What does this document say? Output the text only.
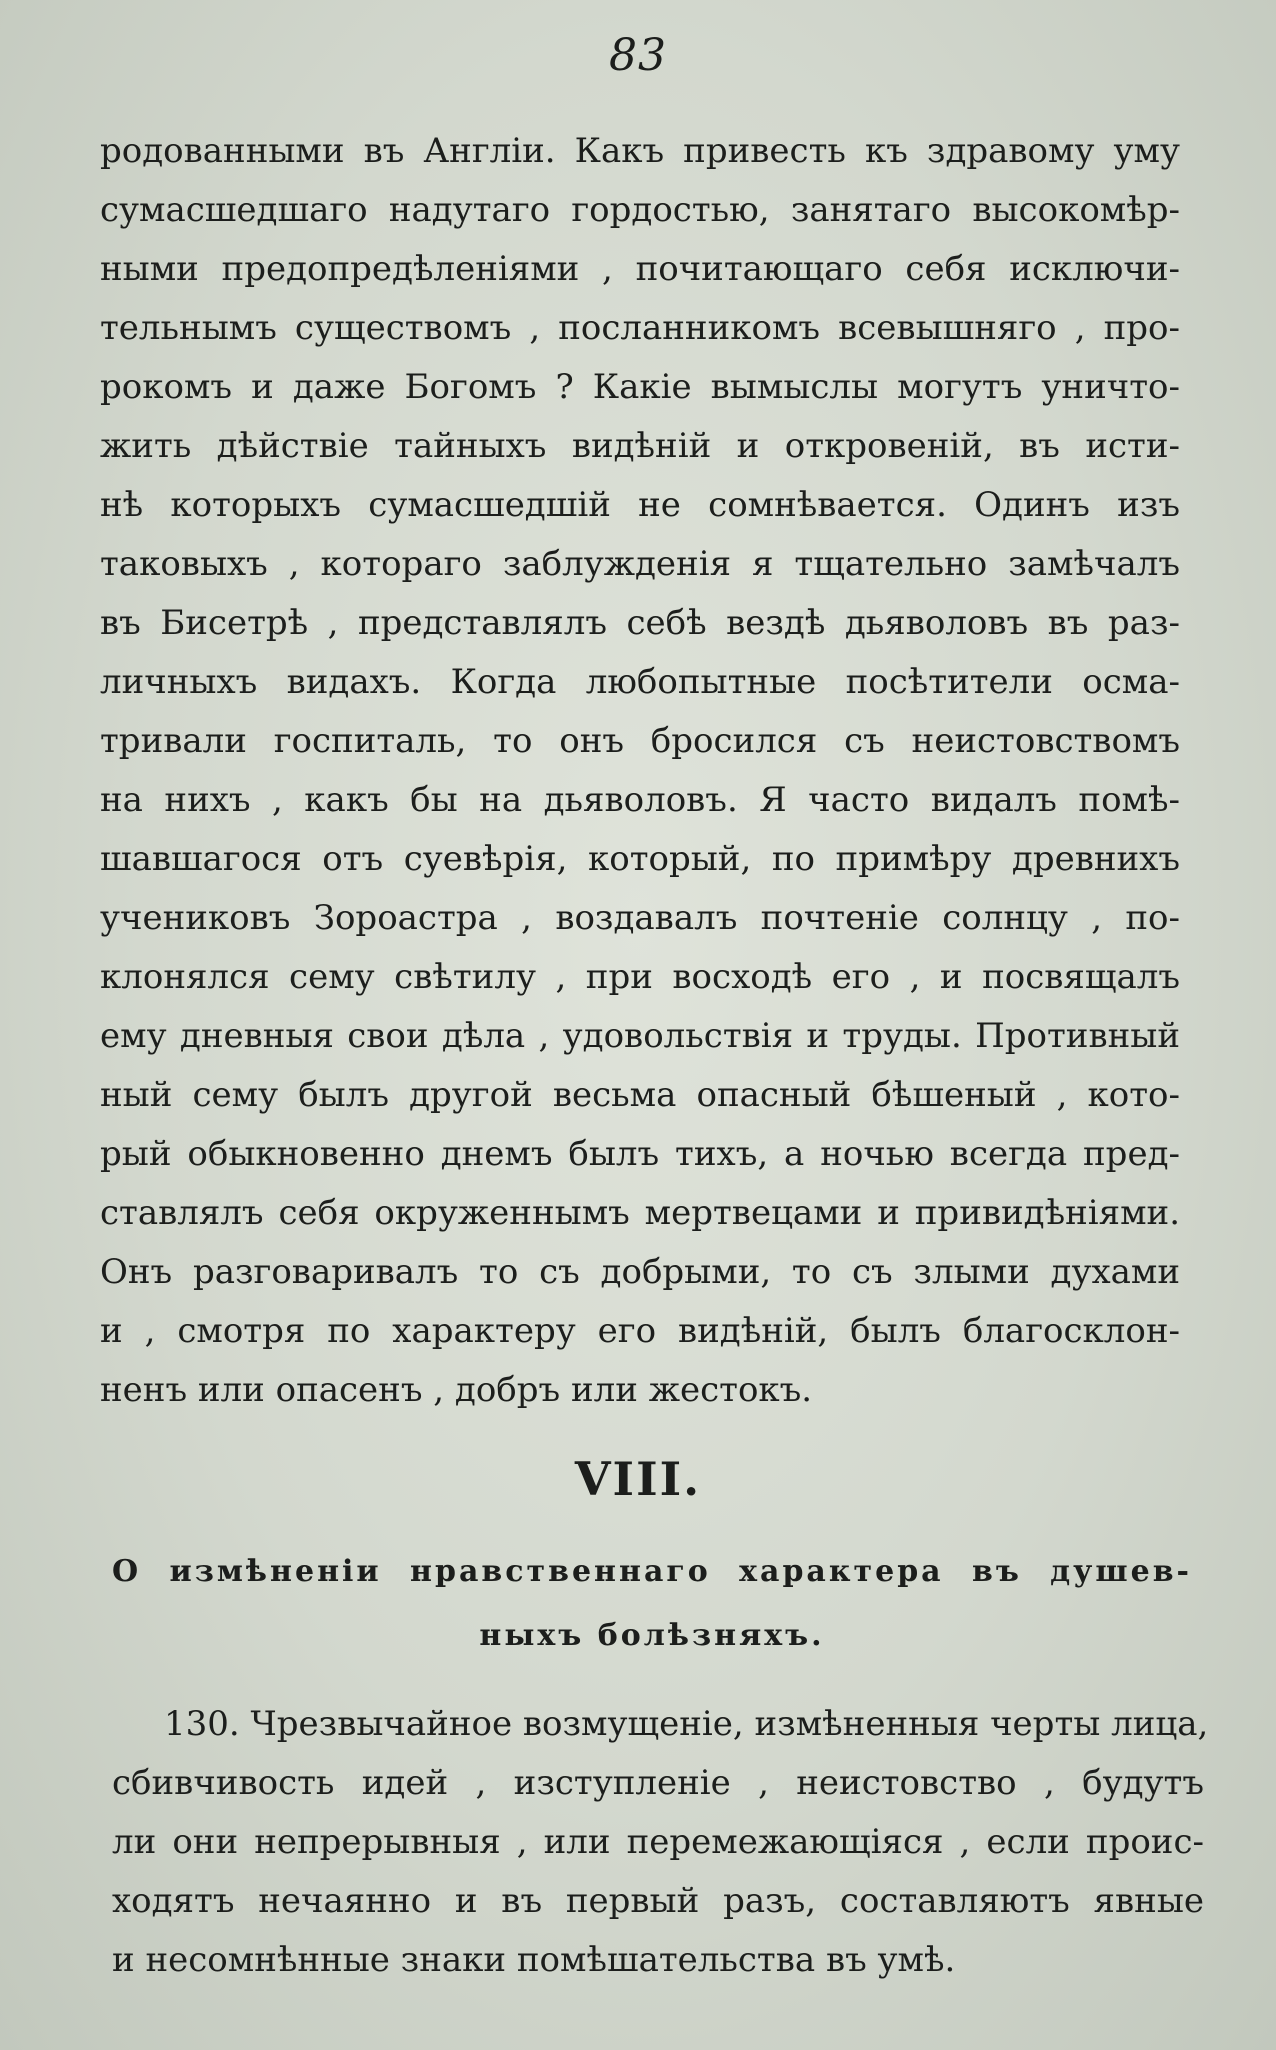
83
родованными въ Англіи. Какъ привесть къ здравому уму
сумасшедшаго надутаго гордостью, занятаго высокомѣр-
ными предопредѣленіями , почитающаго себя исключи-
тельнымъ существомъ , посланникомъ всевышняго , про-
рокомъ и даже Богомъ ? Какіе вымыслы могутъ уничто-
жить дѣйствіе тайныхъ видѣній и откровеній, въ исти-
нѣ которыхъ сумасшедшій не сомнѣвается. Одинъ изъ
таковыхъ , котораго заблужденія я тщательно замѣчалъ
въ Бисетрѣ , представлялъ себѣ вездѣ дьяволовъ въ раз-
личныхъ видахъ. Когда любопытные посѣтители осма-
тривали госпиталь, то онъ бросился съ неистовствомъ
на нихъ , какъ бы на дьяволовъ. Я часто видалъ помѣ-
шавшагося отъ суевѣрія, который, по примѣру древнихъ
учениковъ Зороастра , воздавалъ почтеніе солнцу , по-
клонялся сему свѣтилу , при восходѣ его , и посвящалъ
ему дневныя свои дѣла , удовольствія и труды. Противный
ный сему былъ другой весьма опасный бѣшеный , кото-
рый обыкновенно днемъ былъ тихъ, а ночью всегда пред-
ставлялъ себя окруженнымъ мертвецами и привидѣніями.
Онъ разговаривалъ то съ добрыми, то съ злыми духами
и , смотря по характеру его видѣній, былъ благосклон-
ненъ или опасенъ , добръ или жестокъ.
VIII.
О измѣненіи нравственнаго характера въ душев-
ныхъ болѣзняхъ.
130. Чрезвычайное возмущеніе, измѣненныя черты лица,
сбивчивость идей , изступленіе , неистовство , будутъ
ли они непрерывныя , или перемежающіяся , если проис-
ходятъ нечаянно и въ первый разъ, составляютъ явные
и несомнѣнные знаки помѣшательства въ умѣ.
